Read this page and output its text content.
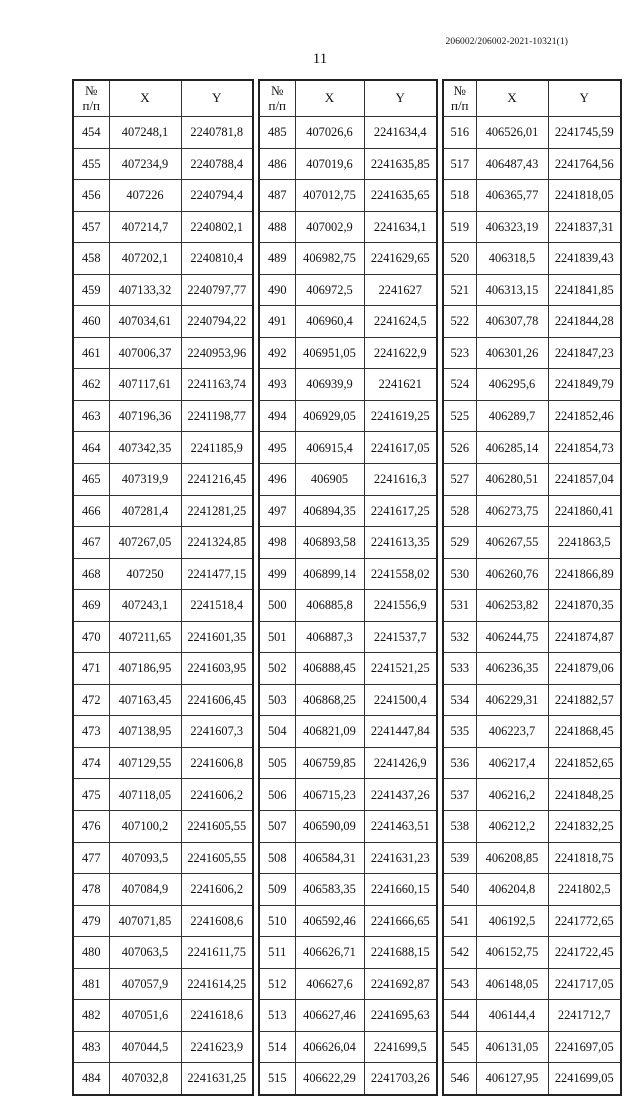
206002/206002-2021-10321(1)
11
№
п/п	X	Y
454	407248,1	2240781,8
455	407234,9	2240788,4
456	407226	2240794,4
457	407214,7	2240802,1
458	407202,1	2240810,4
459	407133,32	2240797,77
460	407034,61	2240794,22
461	407006,37	2240953,96
462	407117,61	2241163,74
463	407196,36	2241198,77
464	407342,35	2241185,9
465	407319,9	2241216,45
466	407281,4	2241281,25
467	407267,05	2241324,85
468	407250	2241477,15
469	407243,1	2241518,4
470	407211,65	2241601,35
471	407186,95	2241603,95
472	407163,45	2241606,45
473	407138,95	2241607,3
474	407129,55	2241606,8
475	407118,05	2241606,2
476	407100,2	2241605,55
477	407093,5	2241605,55
478	407084,9	2241606,2
479	407071,85	2241608,6
480	407063,5	2241611,75
481	407057,9	2241614,25
482	407051,6	2241618,6
483	407044,5	2241623,9
484	407032,8	2241631,25
№
п/п	X	Y
485	407026,6	2241634,4
486	407019,6	2241635,85
487	407012,75	2241635,65
488	407002,9	2241634,1
489	406982,75	2241629,65
490	406972,5	2241627
491	406960,4	2241624,5
492	406951,05	2241622,9
493	406939,9	2241621
494	406929,05	2241619,25
495	406915,4	2241617,05
496	406905	2241616,3
497	406894,35	2241617,25
498	406893,58	2241613,35
499	406899,14	2241558,02
500	406885,8	2241556,9
501	406887,3	2241537,7
502	406888,45	2241521,25
503	406868,25	2241500,4
504	406821,09	2241447,84
505	406759,85	2241426,9
506	406715,23	2241437,26
507	406590,09	2241463,51
508	406584,31	2241631,23
509	406583,35	2241660,15
510	406592,46	2241666,65
511	406626,71	2241688,15
512	406627,6	2241692,87
513	406627,46	2241695,63
514	406626,04	2241699,5
515	406622,29	2241703,26
№
п/п	X	Y
516	406526,01	2241745,59
517	406487,43	2241764,56
518	406365,77	2241818,05
519	406323,19	2241837,31
520	406318,5	2241839,43
521	406313,15	2241841,85
522	406307,78	2241844,28
523	406301,26	2241847,23
524	406295,6	2241849,79
525	406289,7	2241852,46
526	406285,14	2241854,73
527	406280,51	2241857,04
528	406273,75	2241860,41
529	406267,55	2241863,5
530	406260,76	2241866,89
531	406253,82	2241870,35
532	406244,75	2241874,87
533	406236,35	2241879,06
534	406229,31	2241882,57
535	406223,7	2241868,45
536	406217,4	2241852,65
537	406216,2	2241848,25
538	406212,2	2241832,25
539	406208,85	2241818,75
540	406204,8	2241802,5
541	406192,5	2241772,65
542	406152,75	2241722,45
543	406148,05	2241717,05
544	406144,4	2241712,7
545	406131,05	2241697,05
546	406127,95	2241699,05
